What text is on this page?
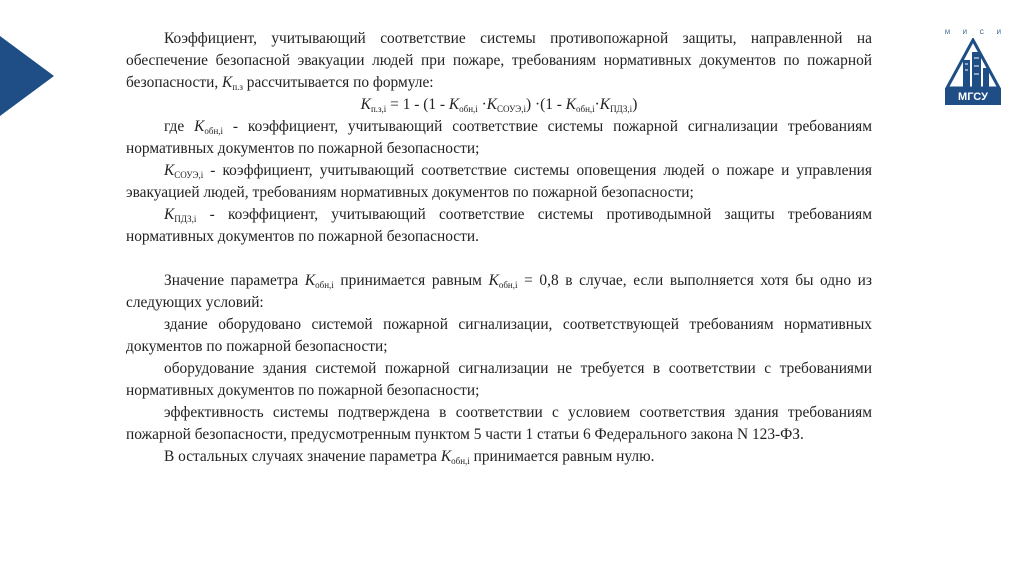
М И С И
МГСУ

Коэффициент, учитывающий соответствие системы противопожарной защиты, направленной на обеспечение безопасной эвакуации людей при пожаре, требованиям нормативных документов по пожарной безопасности, $K_{п.з}$ рассчитывается по формуле:

$K_{п.з,i} = 1 - (1 - K_{обн,i} \cdot K_{СОУЭ,i}) \cdot(1 - K_{обн,i}\cdot K_{ПДЗ,i})$

где $K_{обн,i}$ - коэффициент, учитывающий соответствие системы пожарной сигнализации требованиям нормативных документов по пожарной безопасности;

$K_{СОУЭ,i}$ - коэффициент, учитывающий соответствие системы оповещения людей о пожаре и управления эвакуацией людей, требованиям нормативных документов по пожарной безопасности;

$K_{ПДЗ,i}$ - коэффициент, учитывающий соответствие системы противодымной защиты требованиям нормативных документов по пожарной безопасности.

Значение параметра $K_{обн,i}$ принимается равным $K_{обн,i} = 0,8$ в случае, если выполняется хотя бы одно из следующих условий:

здание оборудовано системой пожарной сигнализации, соответствующей требованиям нормативных документов по пожарной безопасности;

оборудование здания системой пожарной сигнализации не требуется в соответствии с требованиями нормативных документов по пожарной безопасности;

эффективность системы подтверждена в соответствии с условием соответствия здания требованиям пожарной безопасности, предусмотренным пунктом 5 части 1 статьи 6 Федерального закона N 123-ФЗ.

В остальных случаях значение параметра $K_{обн,i}$ принимается равным нулю.
